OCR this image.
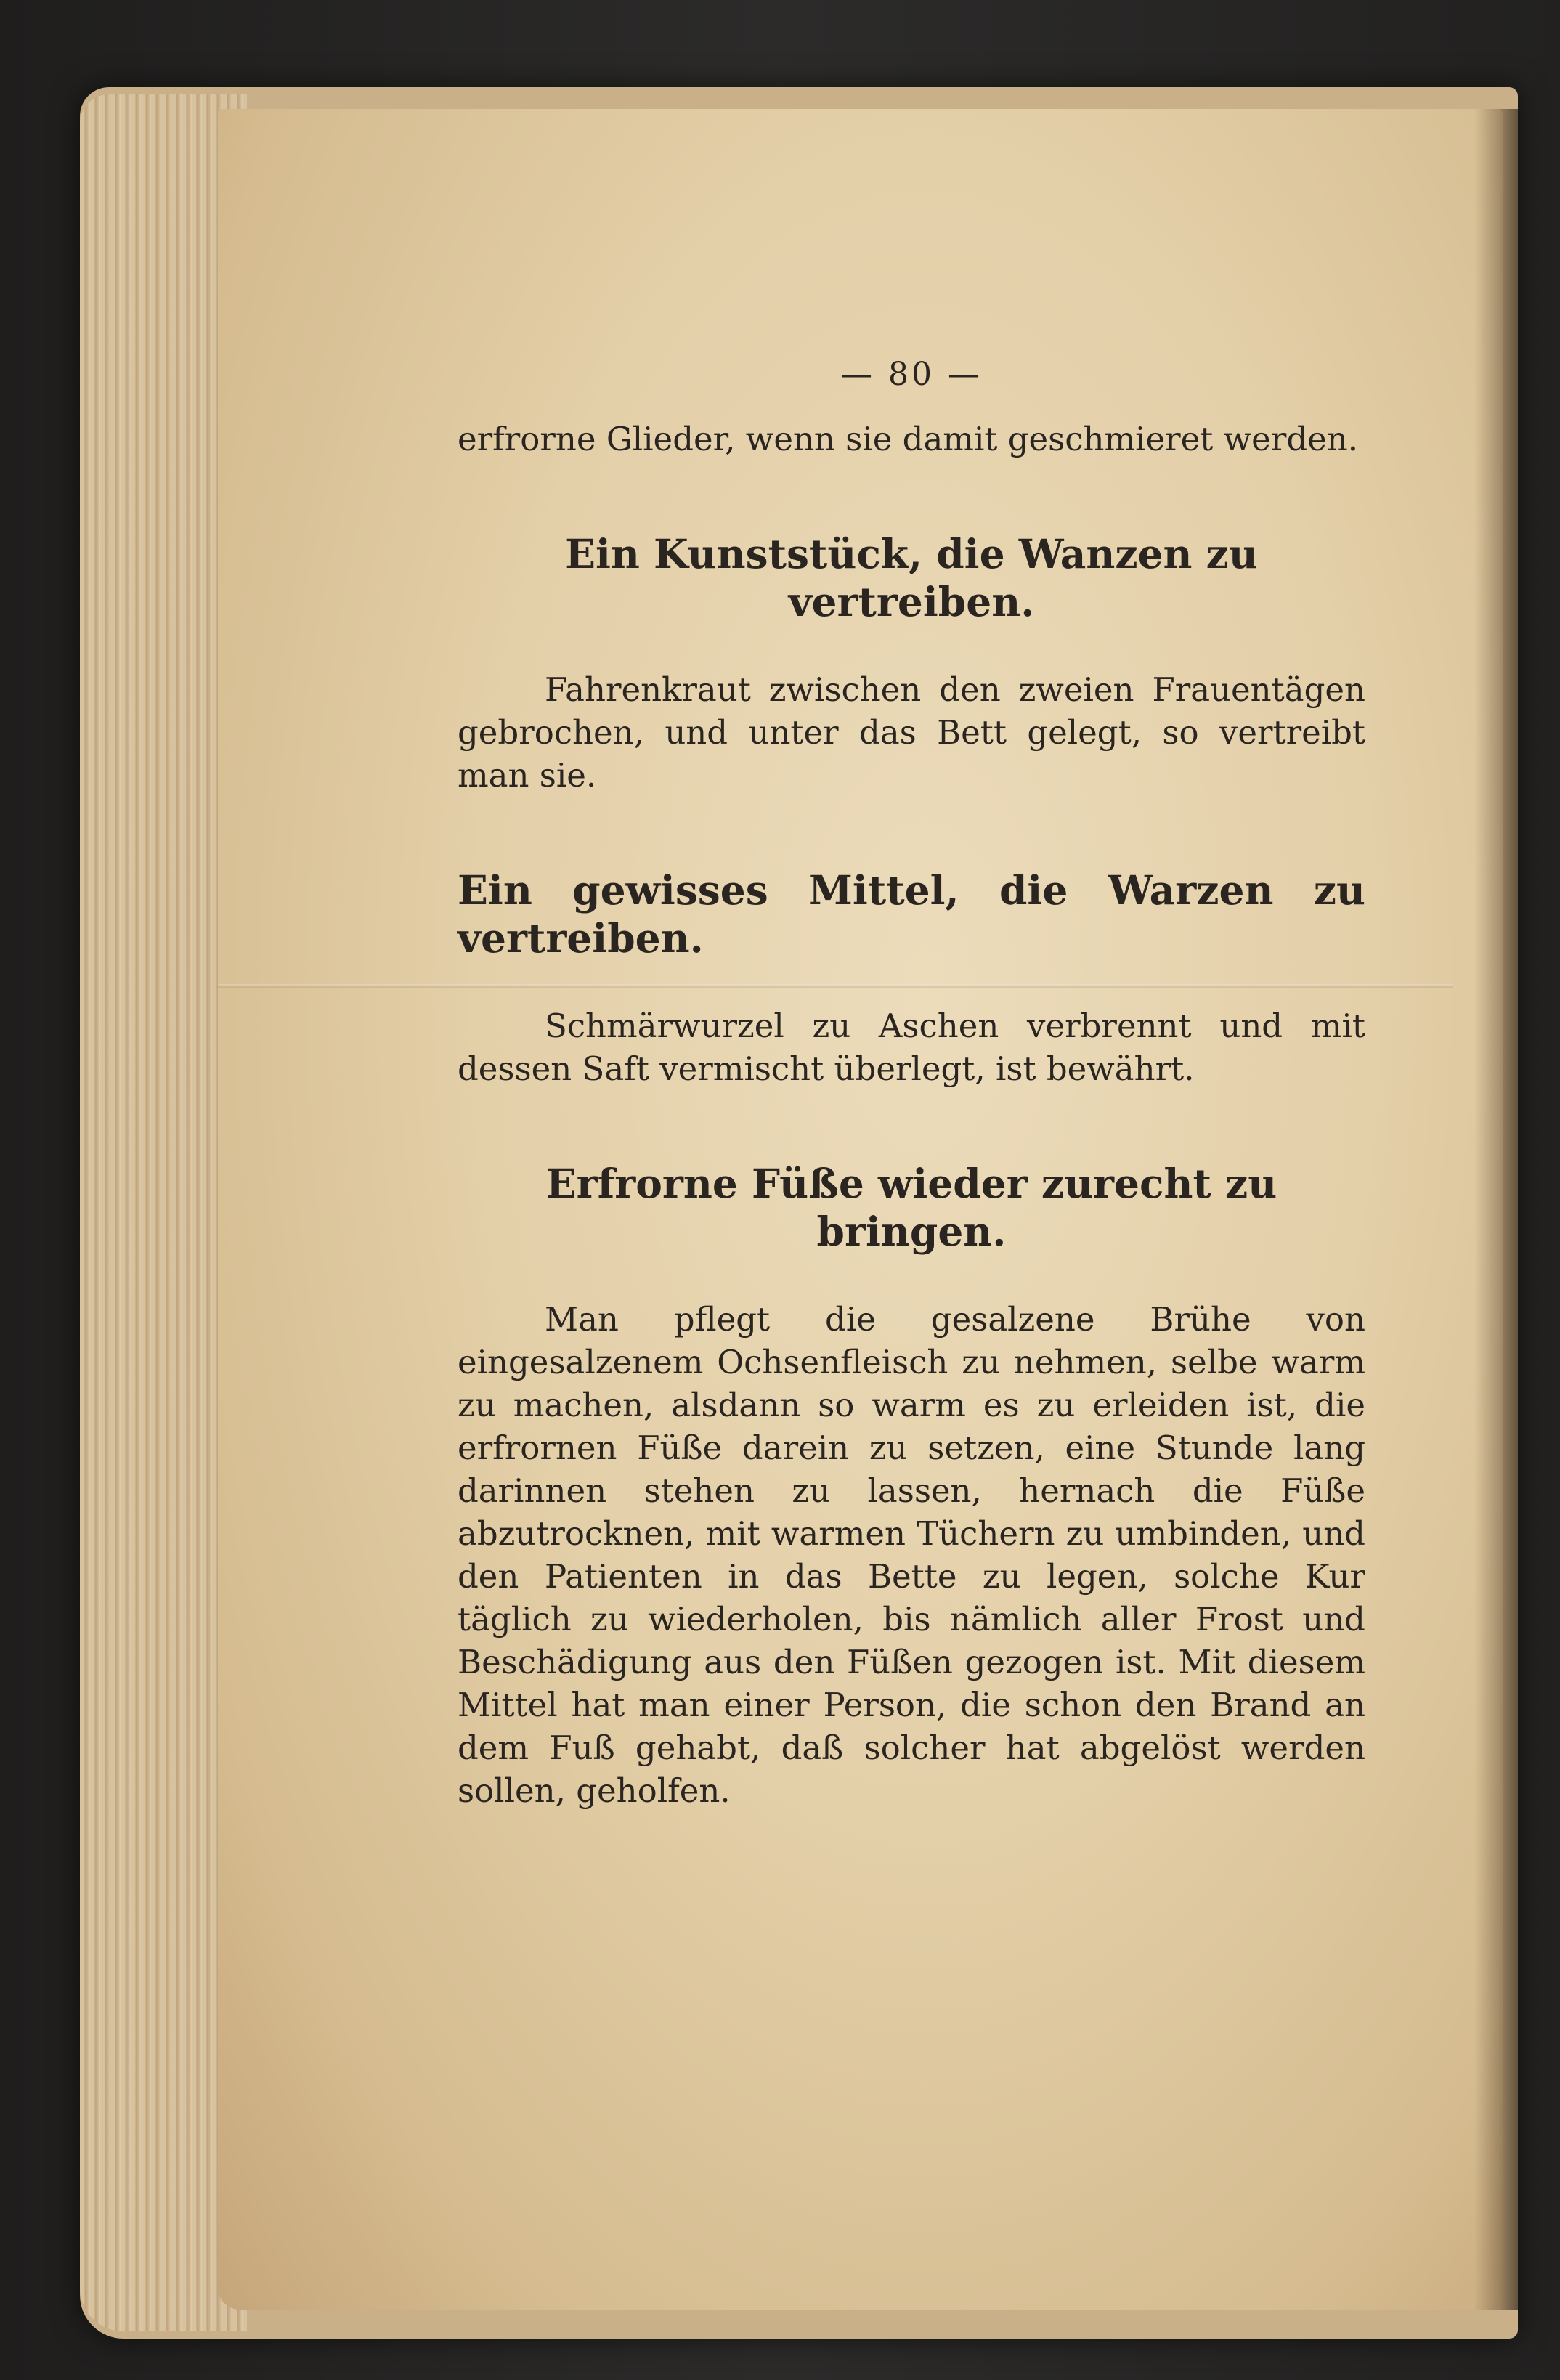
— 80 —

erfrorne Glieder, wenn sie damit geschmieret werden.

Ein Kunststück, die Wanzen zu vertreiben.

Fahrenkraut zwischen den zweien Frauentägen gebrochen, und unter das Bett gelegt, so vertreibt man sie.

Ein gewisses Mittel, die Warzen zu vertreiben.

Schmärwurzel zu Aschen verbrennt und mit dessen Saft vermischt überlegt, ist bewährt.

Erfrorne Füße wieder zurecht zu bringen.

Man pflegt die gesalzene Brühe von eingesalzenem Ochsenfleisch zu nehmen, selbe warm zu machen, alsdann so warm es zu erleiden ist, die erfrornen Füße darein zu setzen, eine Stunde lang darinnen stehen zu lassen, hernach die Füße abzutrocknen, mit warmen Tüchern zu umbinden, und den Patienten in das Bette zu legen, solche Kur täglich zu wiederholen, bis nämlich aller Frost und Beschädigung aus den Füßen gezogen ist. Mit diesem Mittel hat man einer Person, die schon den Brand an dem Fuß gehabt, daß solcher hat abgelöst werden sollen, geholfen.
